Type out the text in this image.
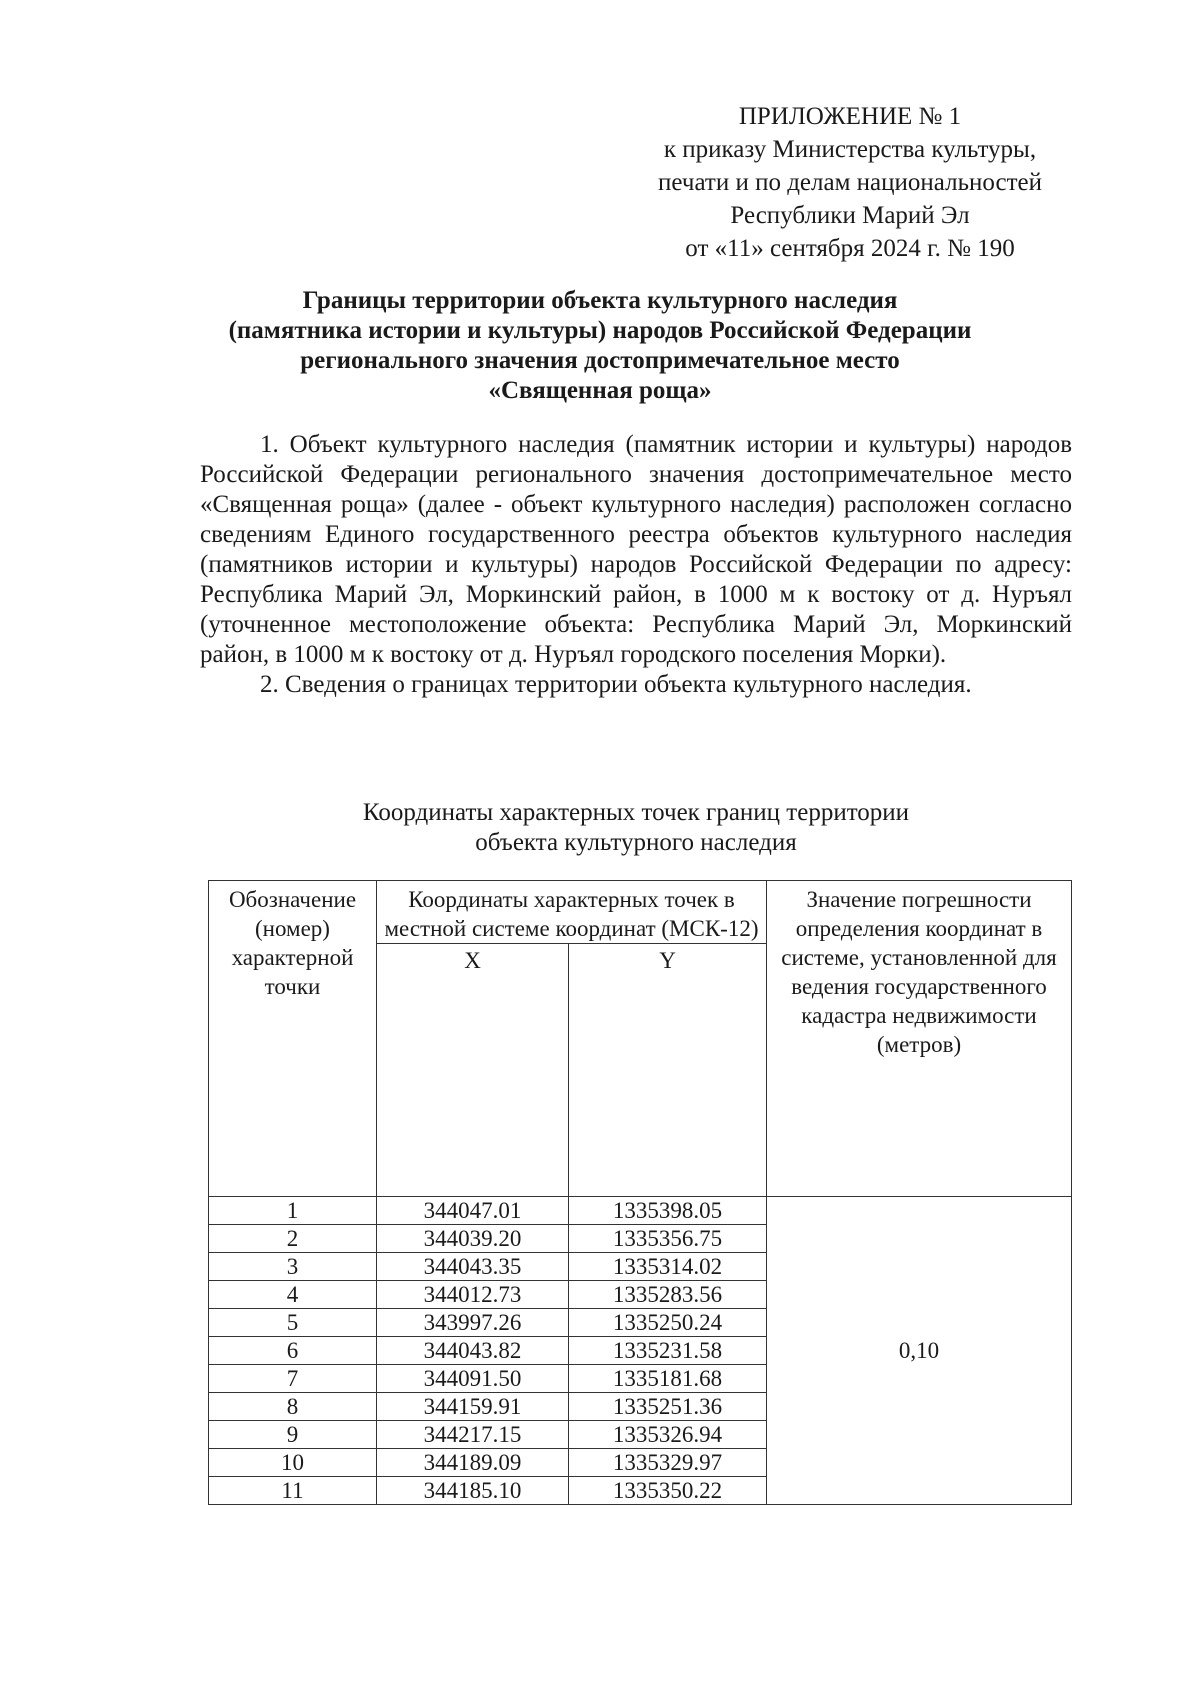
ПРИЛОЖЕНИЕ № 1
к приказу Министерства культуры,
печати и по делам национальностей
Республики Марий Эл
от «11» сентября 2024 г. № 190
Границы территории объекта культурного наследия
(памятника истории и культуры) народов Российской Федерации
регионального значения достопримечательное место
«Священная роща»

1. Объект культурного наследия (памятник истории и культуры) народов Российской Федерации регионального значения достопримечательное место «Священная роща» (далее - объект культурного наследия) расположен согласно сведениям Единого государственного реестра объектов культурного наследия (памятников истории и культуры) народов Российской Федерации по адресу: Республика Марий Эл, Моркинский район, в 1000 м к востоку от д. Нуръял (уточненное местоположение объекта: Республика Марий Эл, Моркинский район, в 1000 м к востоку от д. Нуръял городского поселения Морки).

2. Сведения о границах территории объекта культурного наследия.

Координаты характерных точек границ территории
объекта культурного наследия
Обозначение (номер) характерной точки	Координаты характерных точек в местной системе координат (МСК-12)		Значение погрешности определения координат в системе, установленной для ведения государственного кадастра недвижимости (метров)
	X	Y	
1	344047.01	1335398.05	0,10
2	344039.20	1335356.75	
3	344043.35	1335314.02	
4	344012.73	1335283.56	
5	343997.26	1335250.24	
6	344043.82	1335231.58	
7	344091.50	1335181.68	
8	344159.91	1335251.36	
9	344217.15	1335326.94	
10	344189.09	1335329.97	
11	344185.10	1335350.22	
